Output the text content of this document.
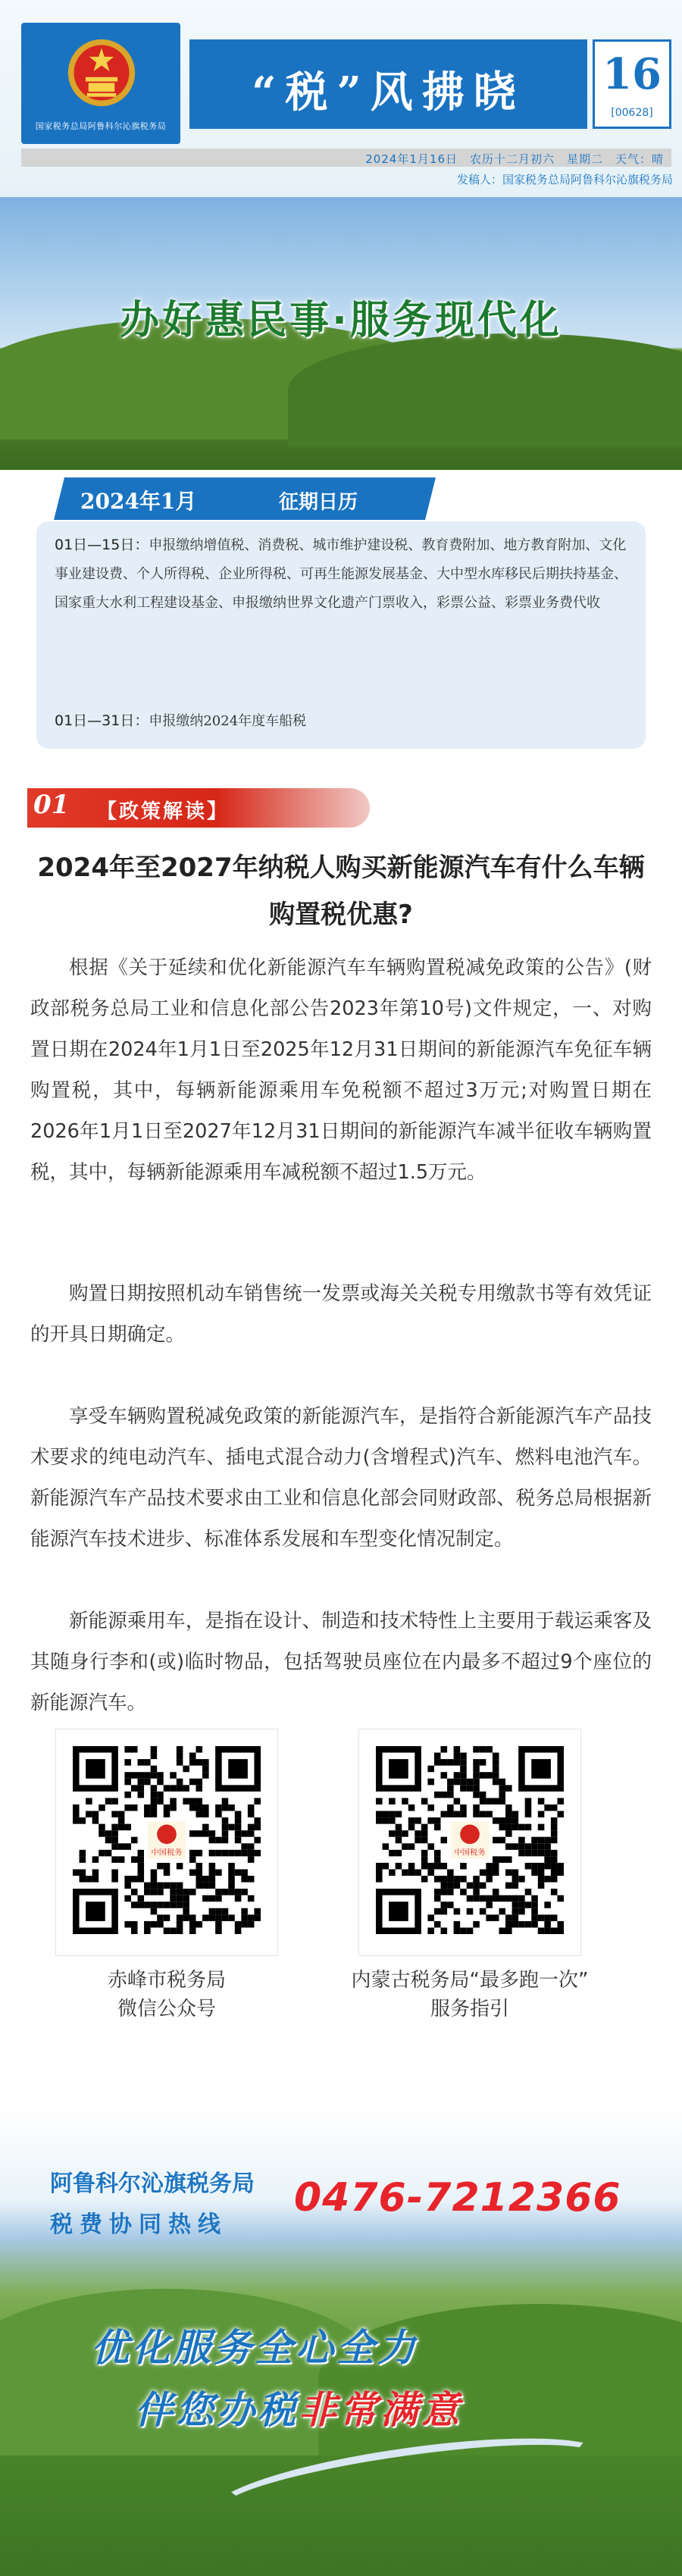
国家税务总局阿鲁科尔沁旗税务局
“税”风拂晓	16
[00628]
2024年1月16日　农历十二月初六　星期二　天气：晴
发稿人：国家税务总局阿鲁科尔沁旗税务局
办好惠民事·服务现代化
2024年1月	征期日历
01日—15日：申报缴纳增值税、消费税、城市维护建设税、教育费附加、地方教育附加、文化事业建设费、个人所得税、企业所得税、可再生能源发展基金、大中型水库移民后期扶持基金、国家重大水利工程建设基金、申报缴纳世界文化遗产门票收入，彩票公益、彩票业务费代收
01日—31日：申报缴纳2024年度车船税
01 【政策解读】
2024年至2027年纳税人购买新能源汽车有什么车辆购置税优惠?
根据《关于延续和优化新能源汽车车辆购置税减免政策的公告》(财政部税务总局工业和信息化部公告2023年第10号)文件规定，一、对购置日期在2024年1月1日至2025年12月31日期间的新能源汽车免征车辆购置税，其中，每辆新能源乘用车免税额不超过3万元;对购置日期在2026年1月1日至2027年12月31日期间的新能源汽车减半征收车辆购置税，其中，每辆新能源乘用车减税额不超过1.5万元。
购置日期按照机动车销售统一发票或海关关税专用缴款书等有效凭证的开具日期确定。
享受车辆购置税减免政策的新能源汽车，是指符合新能源汽车产品技术要求的纯电动汽车、插电式混合动力(含增程式)汽车、燃料电池汽车。新能源汽车产品技术要求由工业和信息化部会同财政部、税务总局根据新能源汽车技术进步、标准体系发展和车型变化情况制定。
新能源乘用车，是指在设计、制造和技术特性上主要用于载运乘客及其随身行李和(或)临时物品，包括驾驶员座位在内最多不超过9个座位的新能源汽车。
中国税务
赤峰市税务局
微信公众号
中国税务
内蒙古税务局“最多跑一次”
服务指引
阿鲁科尔沁旗税务局
税费协同热线
0476-7212366
优化服务全心全力
伴您办税非常满意
